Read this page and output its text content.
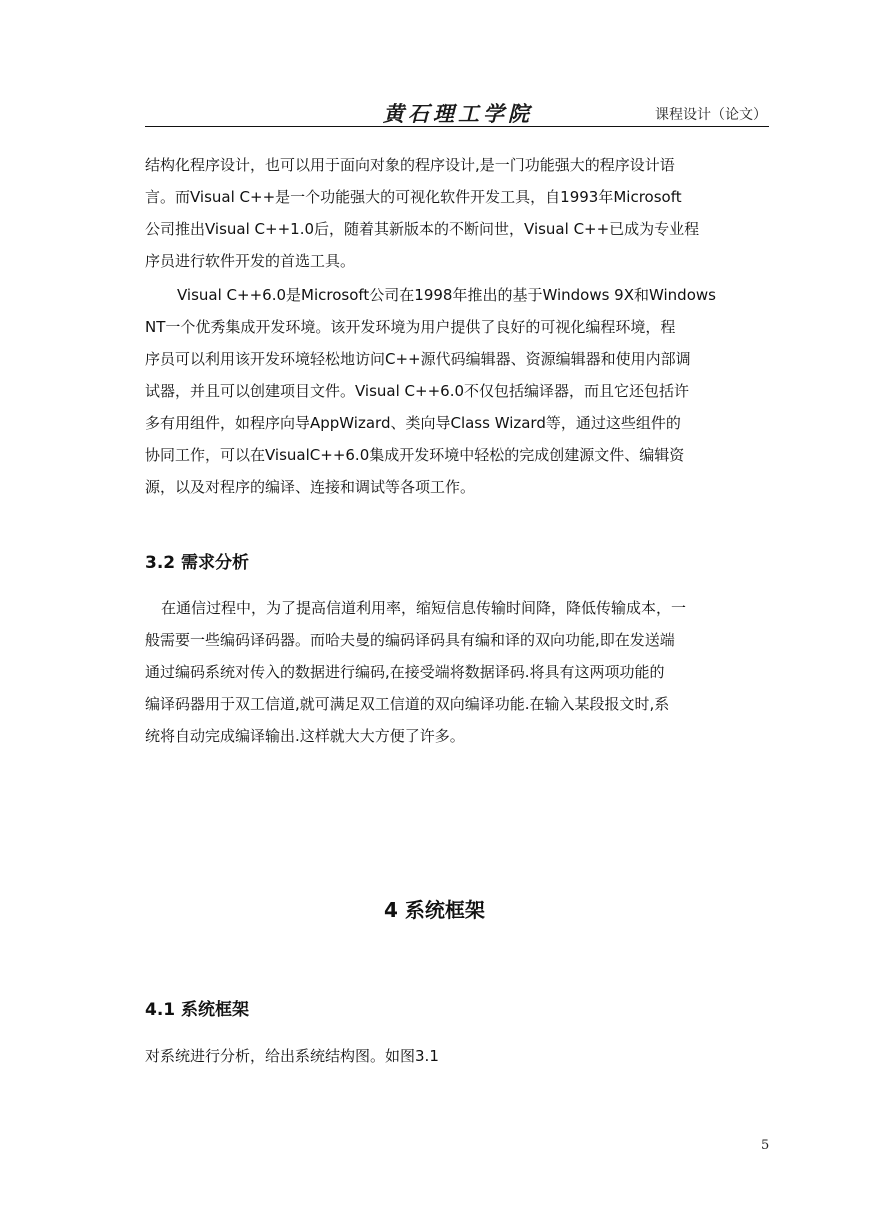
黄石理工学院	课程设计（论文）
结构化程序设计，也可以用于面向对象的程序设计,是一门功能强大的程序设计语
言。而Visual C++是一个功能强大的可视化软件开发工具，自1993年Microsoft
公司推出Visual C++1.0后，随着其新版本的不断问世，Visual C++已成为专业程
序员进行软件开发的首选工具。
Visual C++6.0是Microsoft公司在1998年推出的基于Windows 9X和Windows
NT一个优秀集成开发环境。该开发环境为用户提供了良好的可视化编程环境，程
序员可以利用该开发环境轻松地访问C++源代码编辑器、资源编辑器和使用内部调
试器，并且可以创建项目文件。Visual C++6.0不仅包括编译器，而且它还包括许
多有用组件，如程序向导AppWizard、类向导Class Wizard等，通过这些组件的
协同工作，可以在VisualC++6.0集成开发环境中轻松的完成创建源文件、编辑资
源，以及对程序的编译、连接和调试等各项工作。
3.2 需求分析
在通信过程中，为了提高信道利用率，缩短信息传输时间降，降低传输成本，一
般需要一些编码译码器。而哈夫曼的编码译码具有编和译的双向功能,即在发送端
通过编码系统对传入的数据进行编码,在接受端将数据译码.将具有这两项功能的
编译码器用于双工信道,就可满足双工信道的双向编译功能.在输入某段报文时,系
统将自动完成编译输出.这样就大大方便了许多。
4 系统框架
4.1 系统框架
对系统进行分析，给出系统结构图。如图3.1
5
